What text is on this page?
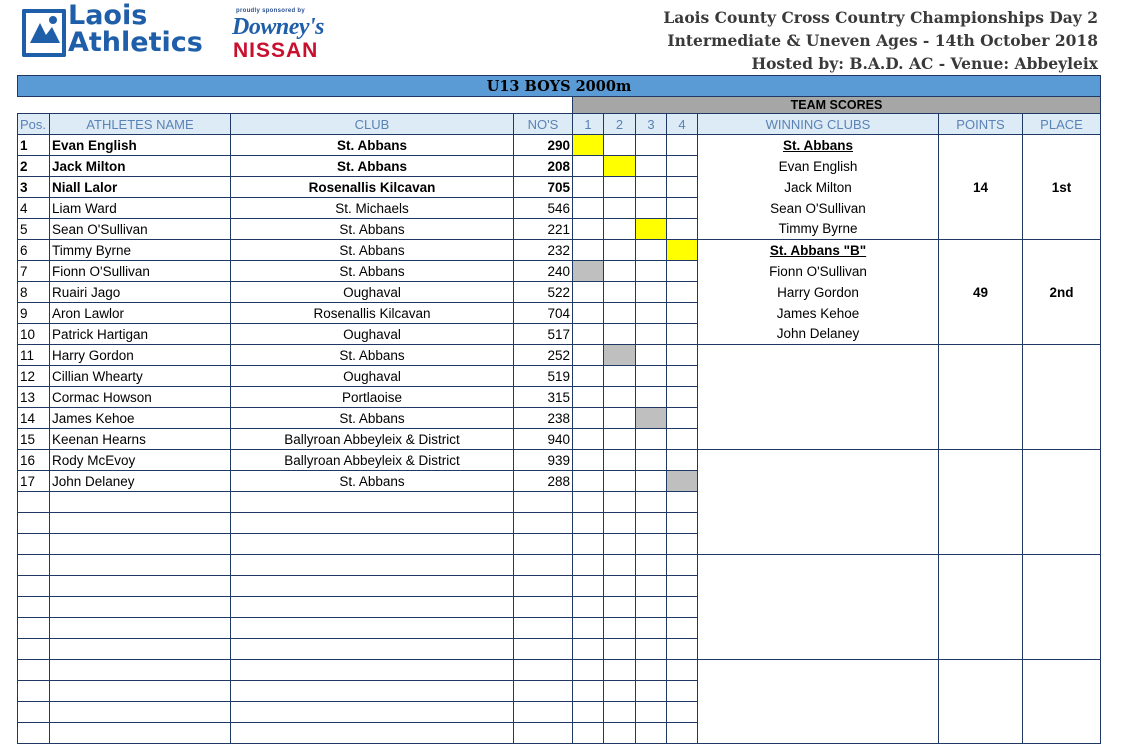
Laois
Athletics
proudly sponsored by
Downey's
NISSAN
Laois County Cross Country Championships Day 2
Intermediate & Uneven Ages - 14th October 2018
Hosted by: B.A.D. AC - Venue: Abbeyleix
U13 BOYS 2000m										
				TEAM SCORES						
Pos.	ATHLETES NAME	CLUB	NO'S	1	2	3	4	WINNING CLUBS	POINTS	PLACE
1	Evan English	St. Abbans	290					St. Abbans	14	1st
2	Jack Milton	St. Abbans	208					Evan English		
3	Niall Lalor	Rosenallis Kilcavan	705					Jack Milton		
4	Liam Ward	St. Michaels	546					Sean O'Sullivan		
5	Sean O'Sullivan	St. Abbans	221					Timmy Byrne		
6	Timmy Byrne	St. Abbans	232					St. Abbans "B"	49	2nd
7	Fionn O'Sullivan	St. Abbans	240					Fionn O'Sullivan		
8	Ruairi Jago	Oughaval	522					Harry Gordon		
9	Aron Lawlor	Rosenallis Kilcavan	704					James Kehoe		
10	Patrick Hartigan	Oughaval	517					John Delaney		
11	Harry Gordon	St. Abbans	252							
12	Cillian Whearty	Oughaval	519							
13	Cormac Howson	Portlaoise	315							
14	James Kehoe	St. Abbans	238							
15	Keenan Hearns	Ballyroan Abbeyleix & District	940							
16	Rody McEvoy	Ballyroan Abbeyleix & District	939							
17	John Delaney	St. Abbans	288							
